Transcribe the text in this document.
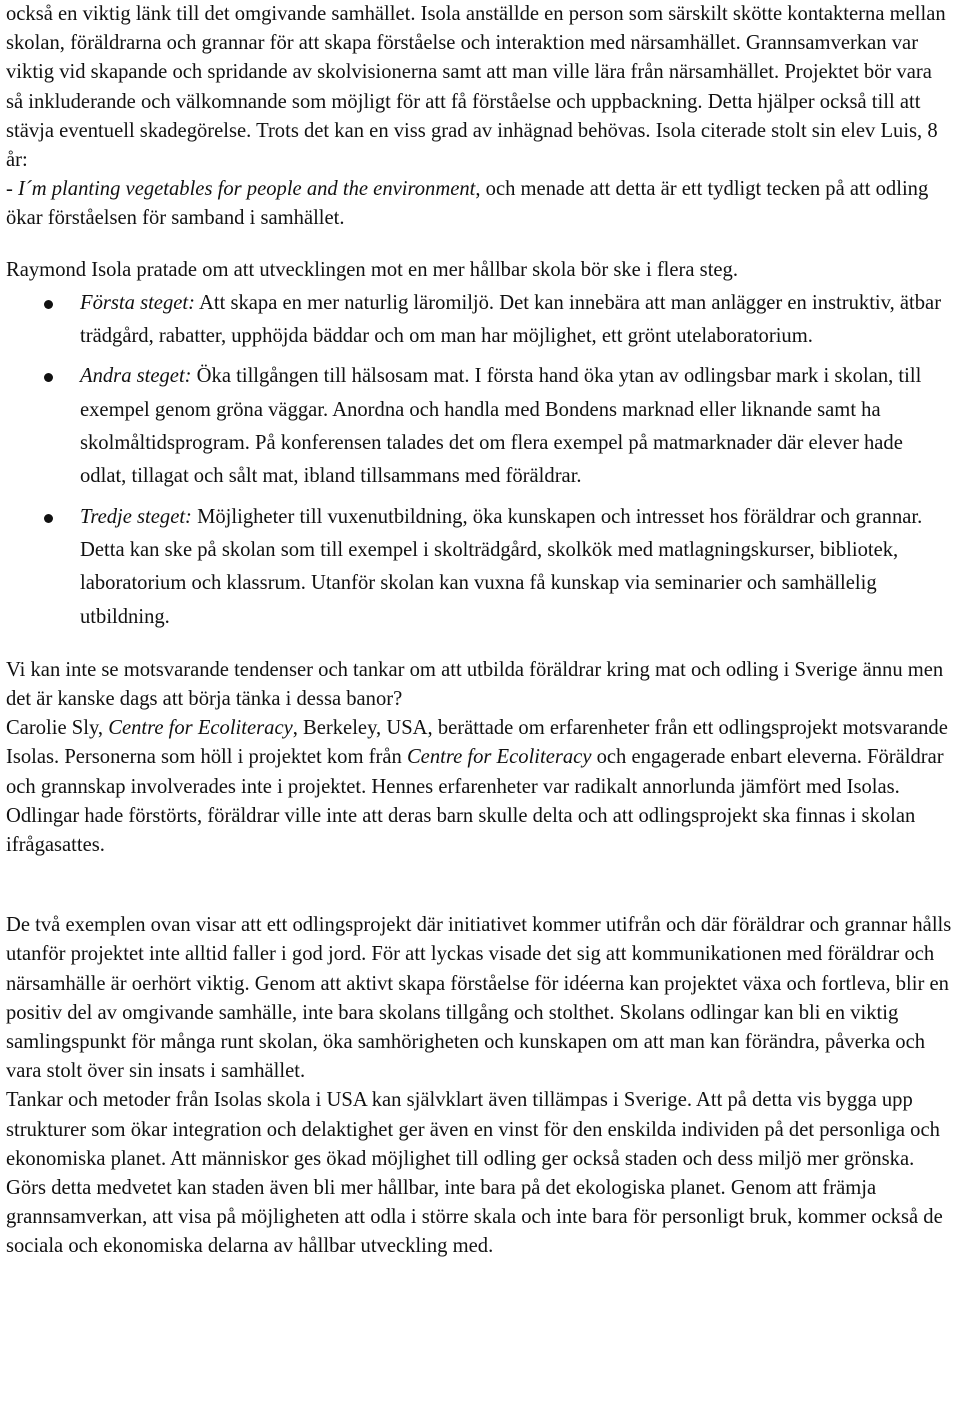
också en viktig länk till det omgivande samhället. Isola anställde en person som särskilt skötte kontakterna mellan skolan, föräldrarna och grannar för att skapa förståelse och interaktion med närsamhället. Grannsamverkan var viktig vid skapande och spridande av skolvisionerna samt att man ville lära från närsamhället. Projektet bör vara så inkluderande och välkomnande som möjligt för att få förståelse och uppbackning. Detta hjälper också till att stävja eventuell skadegörelse. Trots det kan en viss grad av inhägnad behövas. Isola citerade stolt sin elev Luis, 8 år:

- I´m planting vegetables for people and the environment, och menade att detta är ett tydligt tecken på att odling ökar förståelsen för samband i samhället.

Raymond Isola pratade om att utvecklingen mot en mer hållbar skola bör ske i flera steg.

Första steget: Att skapa en mer naturlig läromiljö. Det kan innebära att man anlägger en instruktiv, ätbar trädgård, rabatter, upphöjda bäddar och om man har möjlighet, ett grönt utelaboratorium.
Andra steget: Öka tillgången till hälsosam mat. I första hand öka ytan av odlingsbar mark i skolan, till exempel genom gröna väggar. Anordna och handla med Bondens marknad eller liknande samt ha skolmåltidsprogram. På konferensen talades det om flera exempel på matmarknader där elever hade odlat, tillagat och sålt mat, ibland tillsammans med föräldrar.
Tredje steget: Möjligheter till vuxenutbildning, öka kunskapen och intresset hos föräldrar och grannar. Detta kan ske på skolan som till exempel i skolträdgård, skolkök med matlagningskurser, bibliotek, laboratorium och klassrum. Utanför skolan kan vuxna få kunskap via seminarier och samhällelig utbildning.

Vi kan inte se motsvarande tendenser och tankar om att utbilda föräldrar kring mat och odling i Sverige ännu men det är kanske dags att börja tänka i dessa banor?

Carolie Sly, Centre for Ecoliteracy, Berkeley, USA, berättade om erfarenheter från ett odlingsprojekt motsvarande Isolas. Personerna som höll i projektet kom från Centre for Ecoliteracy och engagerade enbart eleverna. Föräldrar och grannskap involverades inte i projektet. Hennes erfarenheter var radikalt annorlunda jämfört med Isolas. Odlingar hade förstörts, föräldrar ville inte att deras barn skulle delta och att odlingsprojekt ska finnas i skolan ifrågasattes.

De två exemplen ovan visar att ett odlingsprojekt där initiativet kommer utifrån och där föräldrar och grannar hålls utanför projektet inte alltid faller i god jord. För att lyckas visade det sig att kommunikationen med föräldrar och närsamhälle är oerhört viktig. Genom att aktivt skapa förståelse för idéerna kan projektet växa och fortleva, blir en positiv del av omgivande samhälle, inte bara skolans tillgång och stolthet. Skolans odlingar kan bli en viktig samlingspunkt för många runt skolan, öka samhörigheten och kunskapen om att man kan förändra, påverka och vara stolt över sin insats i samhället.

Tankar och metoder från Isolas skola i USA kan självklart även tillämpas i Sverige. Att på detta vis bygga upp strukturer som ökar integration och delaktighet ger även en vinst för den enskilda individen på det personliga och ekonomiska planet. Att människor ges ökad möjlighet till odling ger också staden och dess miljö mer grönska. Görs detta medvetet kan staden även bli mer hållbar, inte bara på det ekologiska planet. Genom att främja grannsamverkan, att visa på möjligheten att odla i större skala och inte bara för personligt bruk, kommer också de sociala och ekonomiska delarna av hållbar utveckling med.
